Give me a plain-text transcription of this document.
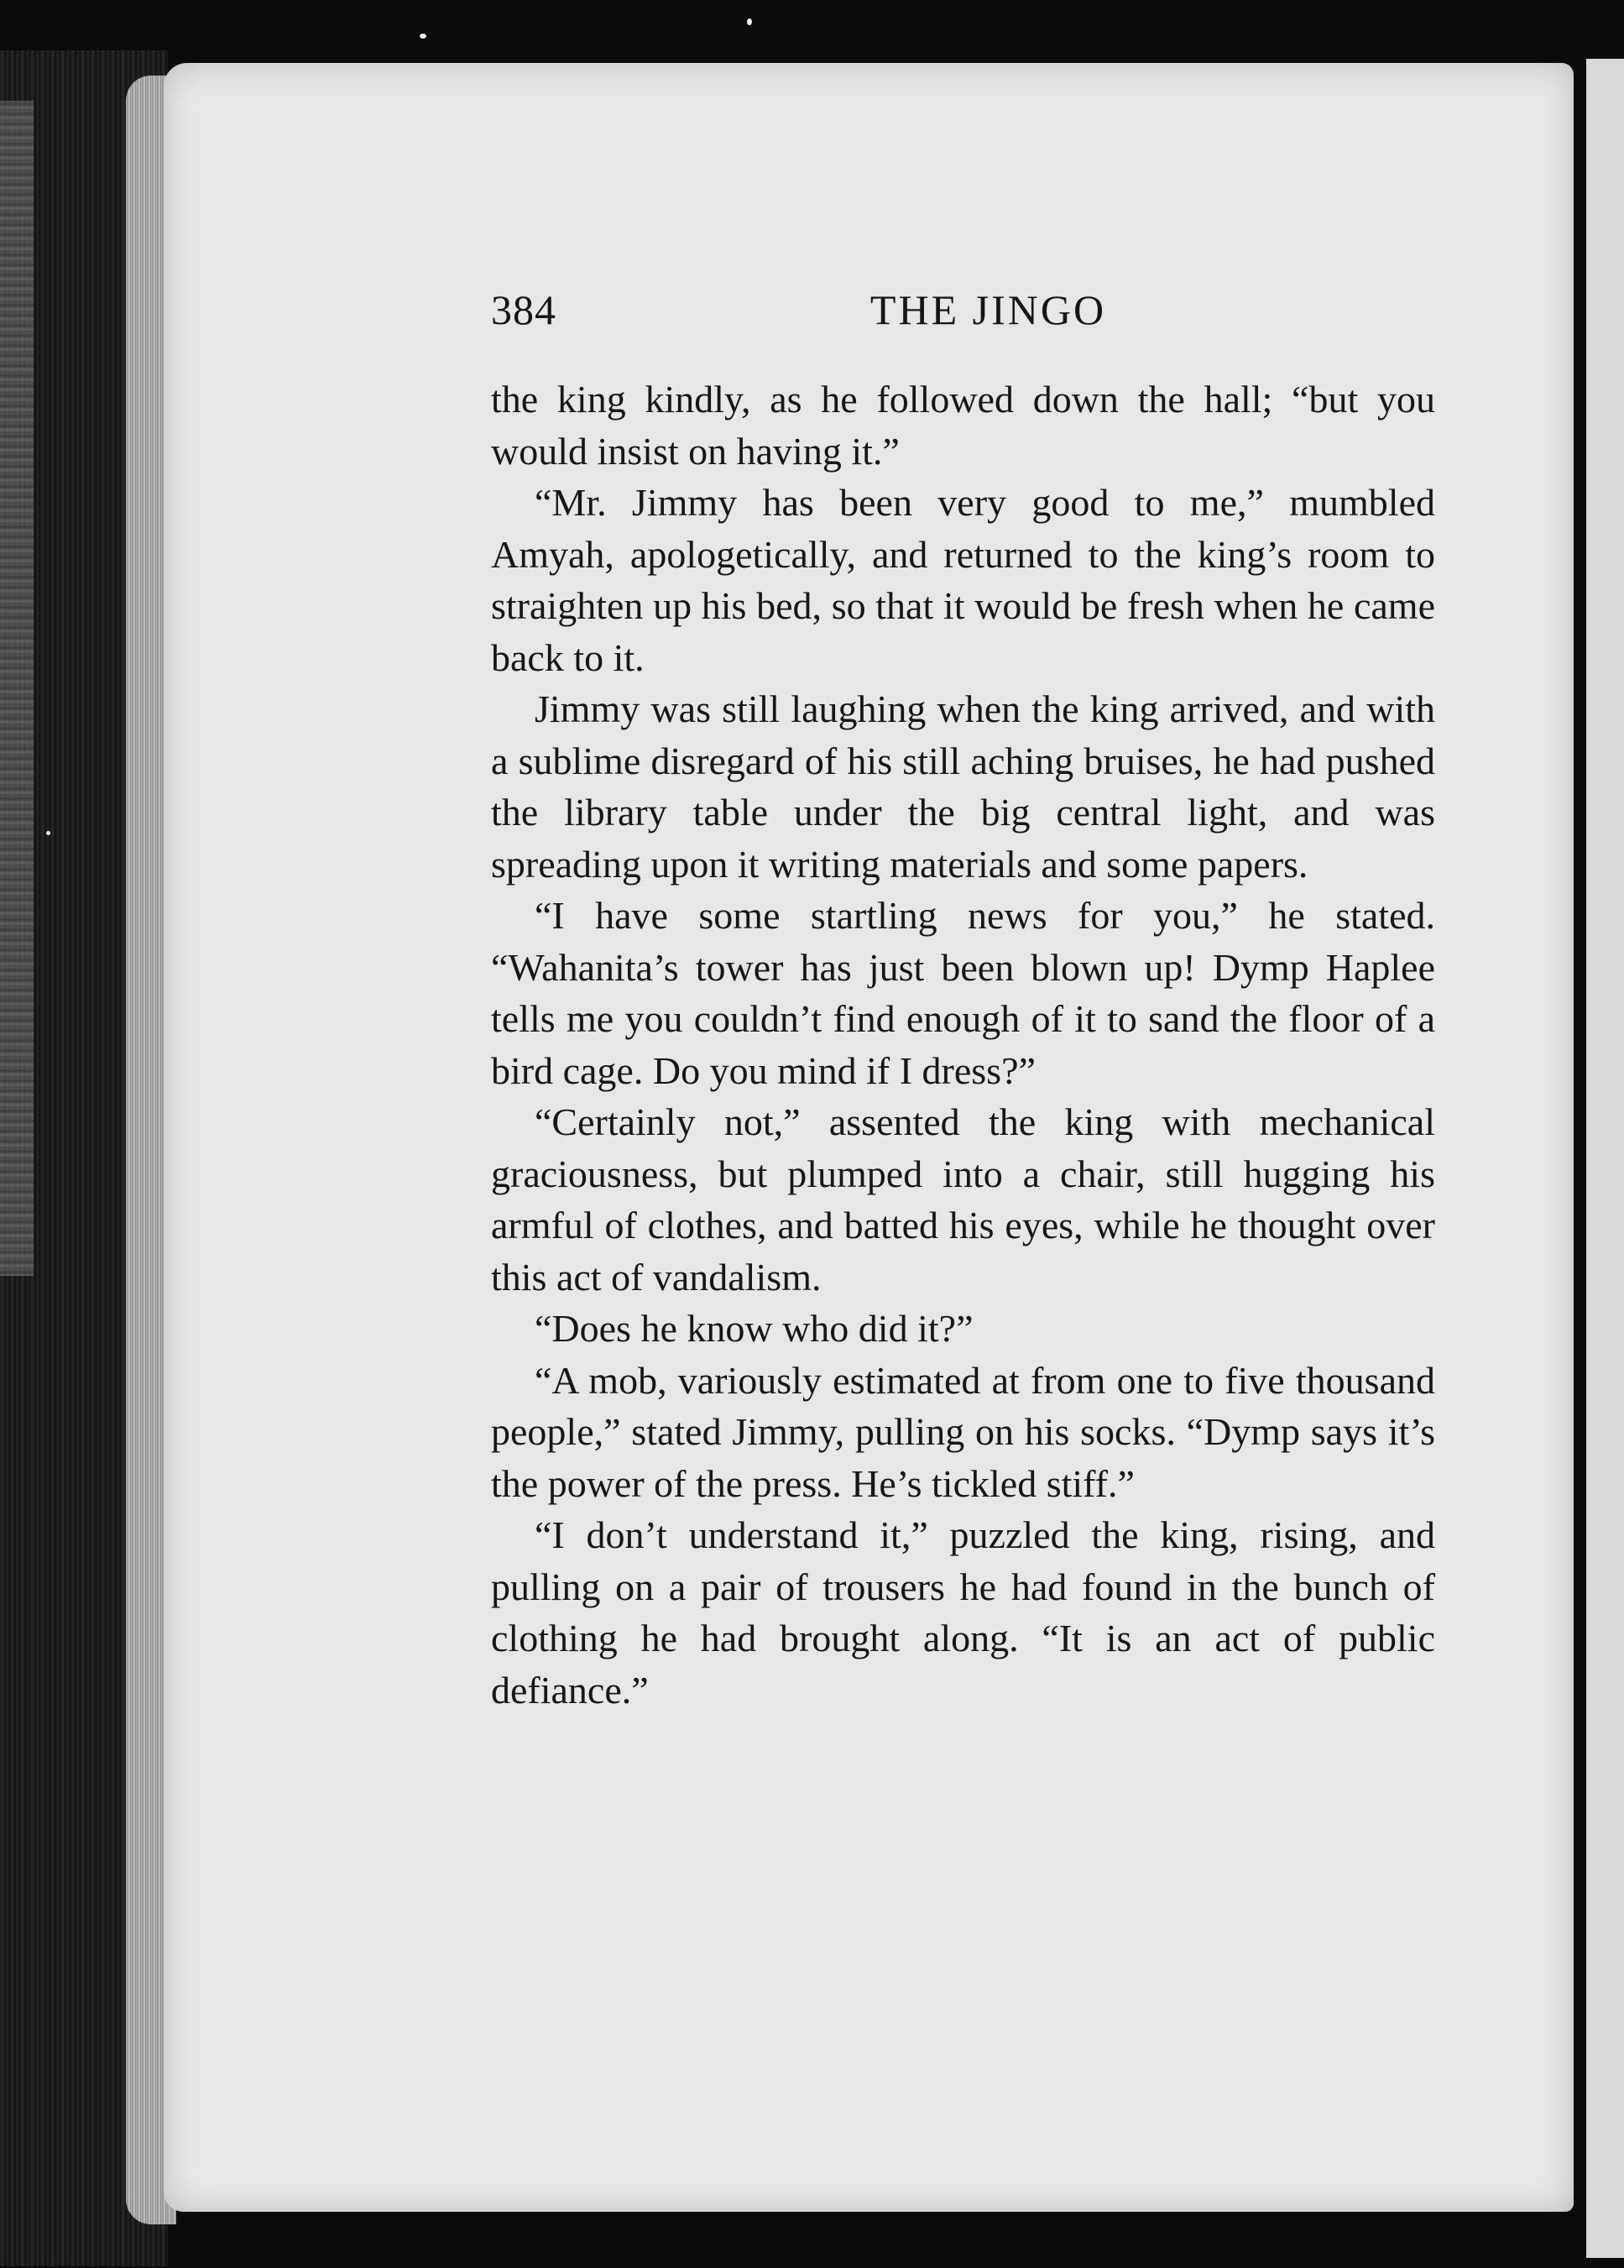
384	THE JINGO

the king kindly, as he followed down the hall; “but you would insist on having it.”

“Mr. Jimmy has been very good to me,” mumbled Amyah, apologetically, and returned to the king’s room to straighten up his bed, so that it would be fresh when he came back to it.

Jimmy was still laughing when the king arrived, and with a sublime disregard of his still aching bruises, he had pushed the library table under the big central light, and was spreading upon it writing materials and some papers.

“I have some startling news for you,” he stated. “Wahanita’s tower has just been blown up! Dymp Haplee tells me you couldn’t find enough of it to sand the floor of a bird cage. Do you mind if I dress?”

“Certainly not,” assented the king with mechanical graciousness, but plumped into a chair, still hugging his armful of clothes, and batted his eyes, while he thought over this act of vandalism.

“Does he know who did it?”

“A mob, variously estimated at from one to five thousand people,” stated Jimmy, pulling on his socks. “Dymp says it’s the power of the press. He’s tickled stiff.”

“I don’t understand it,” puzzled the king, rising, and pulling on a pair of trousers he had found in the bunch of clothing he had brought along. “It is an act of public defiance.”
